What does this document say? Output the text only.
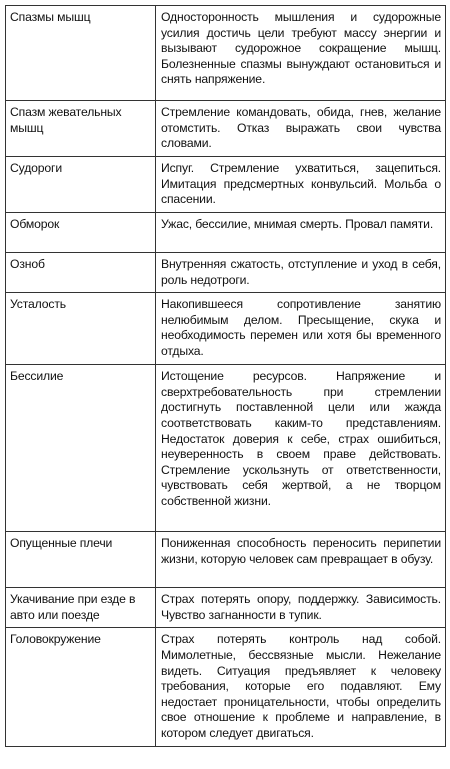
Спазмы мышц	Односторонность мышления и судорожные усилия достичь цели требуют массу энергии и вызывают судорожное сокращение мышц. Болезненные спазмы вынуждают остановиться и снять напряжение.
Спазм жевательных мышц	Стремление командовать, обида, гнев, желание отомстить. Отказ выражать свои чувства словами.
Судороги	Испуг. Стремление ухватиться, зацепиться. Имитация предсмертных конвульсий. Мольба о спасении.
Обморок	Ужас, бессилие, мнимая смерть. Провал памяти.
Озноб	Внутренняя сжатость, отступление и уход в себя, роль недотроги.
Усталость	Накопившееся сопротивление занятию нелюбимым делом. Пресыщение, скука и необходимость перемен или хотя бы временного отдыха.
Бессилие	Истощение ресурсов. Напряжение и сверхтребовательность при стремлении достигнуть поставленной цели или жажда соответствовать каким-то представлениям. Недостаток доверия к себе, страх ошибиться, неуверенность в своем праве действовать. Стремление ускользнуть от ответственности, чувствовать себя жертвой, а не творцом собственной жизни.
Опущенные плечи	Пониженная способность переносить перипетии жизни, которую человек сам превращает в обузу.
Укачивание при езде в авто или поезде	Страх потерять опору, поддержку. Зависимость. Чувство загнанности в тупик.
Головокружение	Страх потерять контроль над собой. Мимолетные, бессвязные мысли. Нежелание видеть. Ситуация предъявляет к человеку требования, которые его подавляют. Ему недостает проницательности, чтобы определить свое отношение к проблеме и направление, в котором следует двигаться.
